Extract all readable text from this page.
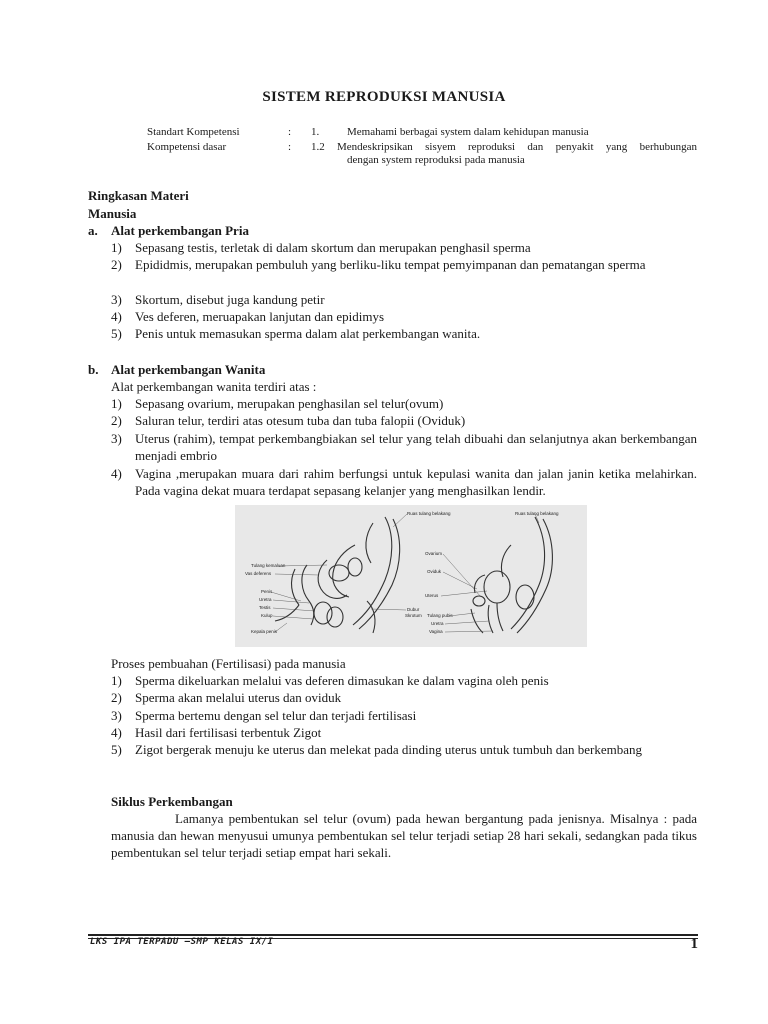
SISTEM REPRODUKSI MANUSIA
Standart Kompetensi	: 1.	Memahami berbagai system dalam kehidupan manusia
Kompetensi dasar	: 1.2 Mendeskripsikan sisyem reproduksi dan penyakit yang berhubungan
dengan system reproduksi pada manusia
Ringkasan Materi
Manusia
a. Alat perkembangan Pria
1) Sepasang testis, terletak di dalam skortum dan merupakan penghasil sperma
2) Epididmis, merupakan pembuluh yang berliku-liku tempat pemyimpanan dan pematangan sperma
3) Skortum, disebut juga kandung petir
4) Ves deferen, meruapakan lanjutan dan epidimys
5) Penis untuk memasukan sperma dalam alat perkembangan wanita.
b. Alat perkembangan Wanita
Alat perkembangan wanita terdiri atas :
1) Sepasang ovarium, merupakan penghasilan sel telur(ovum)
2) Saluran telur, terdiri atas otesum tuba dan tuba falopii (Oviduk)
3) Uterus (rahim), tempat perkembangbiakan sel telur yang telah dibuahi dan selanjutnya akan berkembangan menjadi embrio
4) Vagina ,merupakan muara dari rahim berfungsi untuk kepulasi wanita dan jalan janin ketika melahirkan. Pada vagina dekat muara terdapat sepasang kelanjer yang menghasilkan lendir.
Ruas tulang belakang
Tulang kemaluan
Vas deferens
Penis
Uretra
Testis
Kulup
Kepala penis
Dubur
Skrotum
Ruas tulang belakang
Ovarium
Oviduk
Uterus
Tulang pubis
Uretra
Vagina
Proses pembuahan (Fertilisasi) pada manusia
1) Sperma dikeluarkan melalui vas deferen dimasukan ke dalam vagina oleh penis
2) Sperma akan melalui uterus dan oviduk
3) Sperma bertemu dengan sel telur dan terjadi fertilisasi
4) Hasil dari fertilisasi terbentuk Zigot
5) Zigot bergerak menuju ke uterus dan melekat pada dinding uterus untuk tumbuh dan berkembang
Siklus Perkembangan
Lamanya pembentukan sel telur (ovum) pada hewan bergantung pada jenisnya. Misalnya : pada manusia dan hewan menyusui umunya pembentukan sel telur terjadi setiap 28 hari sekali, sedangkan pada tikus pembentukan sel telur terjadi setiap empat hari sekali.
LKS IPA TERPADU –SMP KELAS IX/I	1
